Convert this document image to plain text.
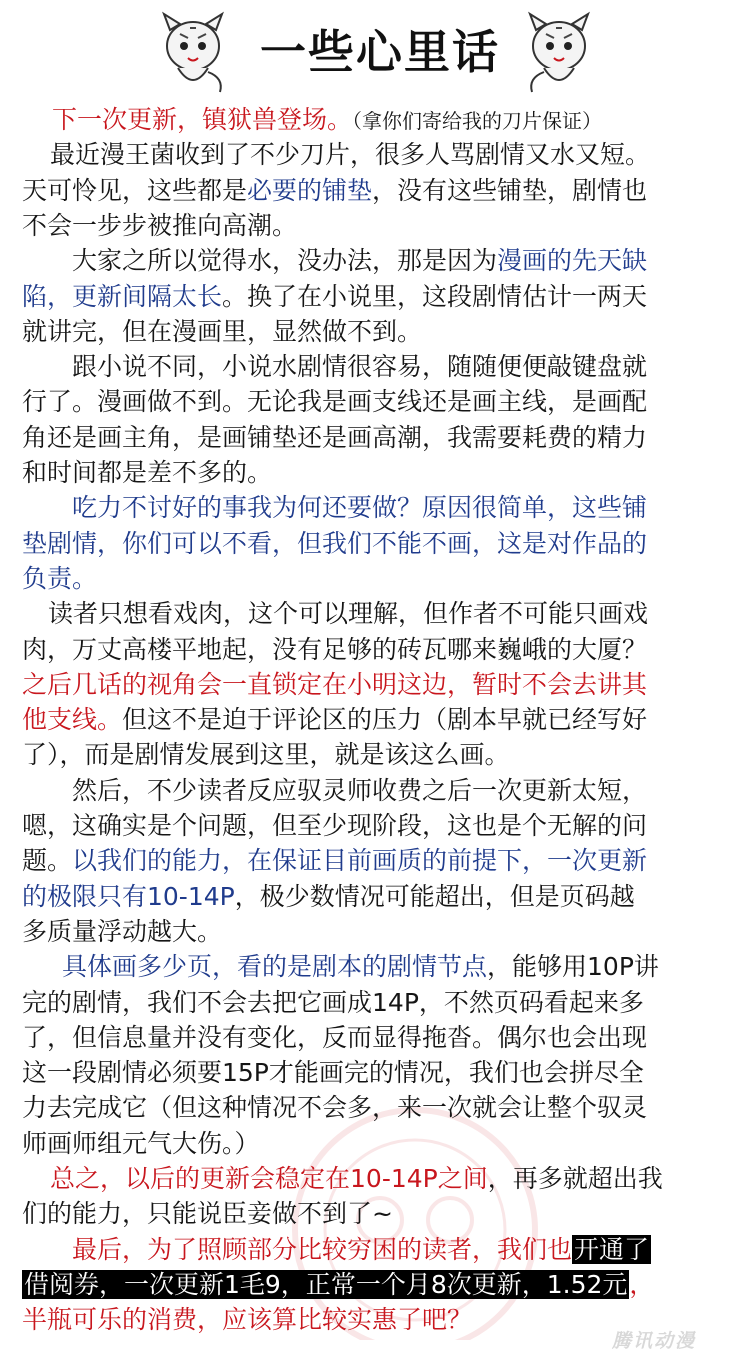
一些心里话
下一次更新，镇狱兽登场。（拿你们寄给我的刀片保证）
最近漫王菌收到了不少刀片，很多人骂剧情又水又短。
天可怜见，这些都是必要的铺垫，没有这些铺垫，剧情也
不会一步步被推向高潮。
大家之所以觉得水，没办法，那是因为漫画的先天缺
陷，更新间隔太长。换了在小说里，这段剧情估计一两天
就讲完，但在漫画里，显然做不到。
跟小说不同，小说水剧情很容易，随随便便敲键盘就
行了。漫画做不到。无论我是画支线还是画主线，是画配
角还是画主角，是画铺垫还是画高潮，我需要耗费的精力
和时间都是差不多的。
吃力不讨好的事我为何还要做？原因很简单，这些铺
垫剧情，你们可以不看，但我们不能不画，这是对作品的
负责。
读者只想看戏肉，这个可以理解，但作者不可能只画戏
肉，万丈高楼平地起，没有足够的砖瓦哪来巍峨的大厦？
之后几话的视角会一直锁定在小明这边，暂时不会去讲其
他支线。但这不是迫于评论区的压力（剧本早就已经写好
了），而是剧情发展到这里，就是该这么画。
然后，不少读者反应驭灵师收费之后一次更新太短，
嗯，这确实是个问题，但至少现阶段，这也是个无解的问
题。以我们的能力，在保证目前画质的前提下，一次更新
的极限只有10-14P，极少数情况可能超出，但是页码越
多质量浮动越大。
具体画多少页，看的是剧本的剧情节点，能够用10P讲
完的剧情，我们不会去把它画成14P，不然页码看起来多
了，但信息量并没有变化，反而显得拖沓。偶尔也会出现
这一段剧情必须要15P才能画完的情况，我们也会拼尽全
力去完成它（但这种情况不会多，来一次就会让整个驭灵
师画师组元气大伤。）
总之，以后的更新会稳定在10-14P之间，再多就超出我
们的能力，只能说臣妾做不到了~
最后，为了照顾部分比较穷困的读者，我们也开通了
借阅券，一次更新1毛9，正常一个月8次更新，1.52元，
半瓶可乐的消费，应该算比较实惠了吧？
腾讯动漫
